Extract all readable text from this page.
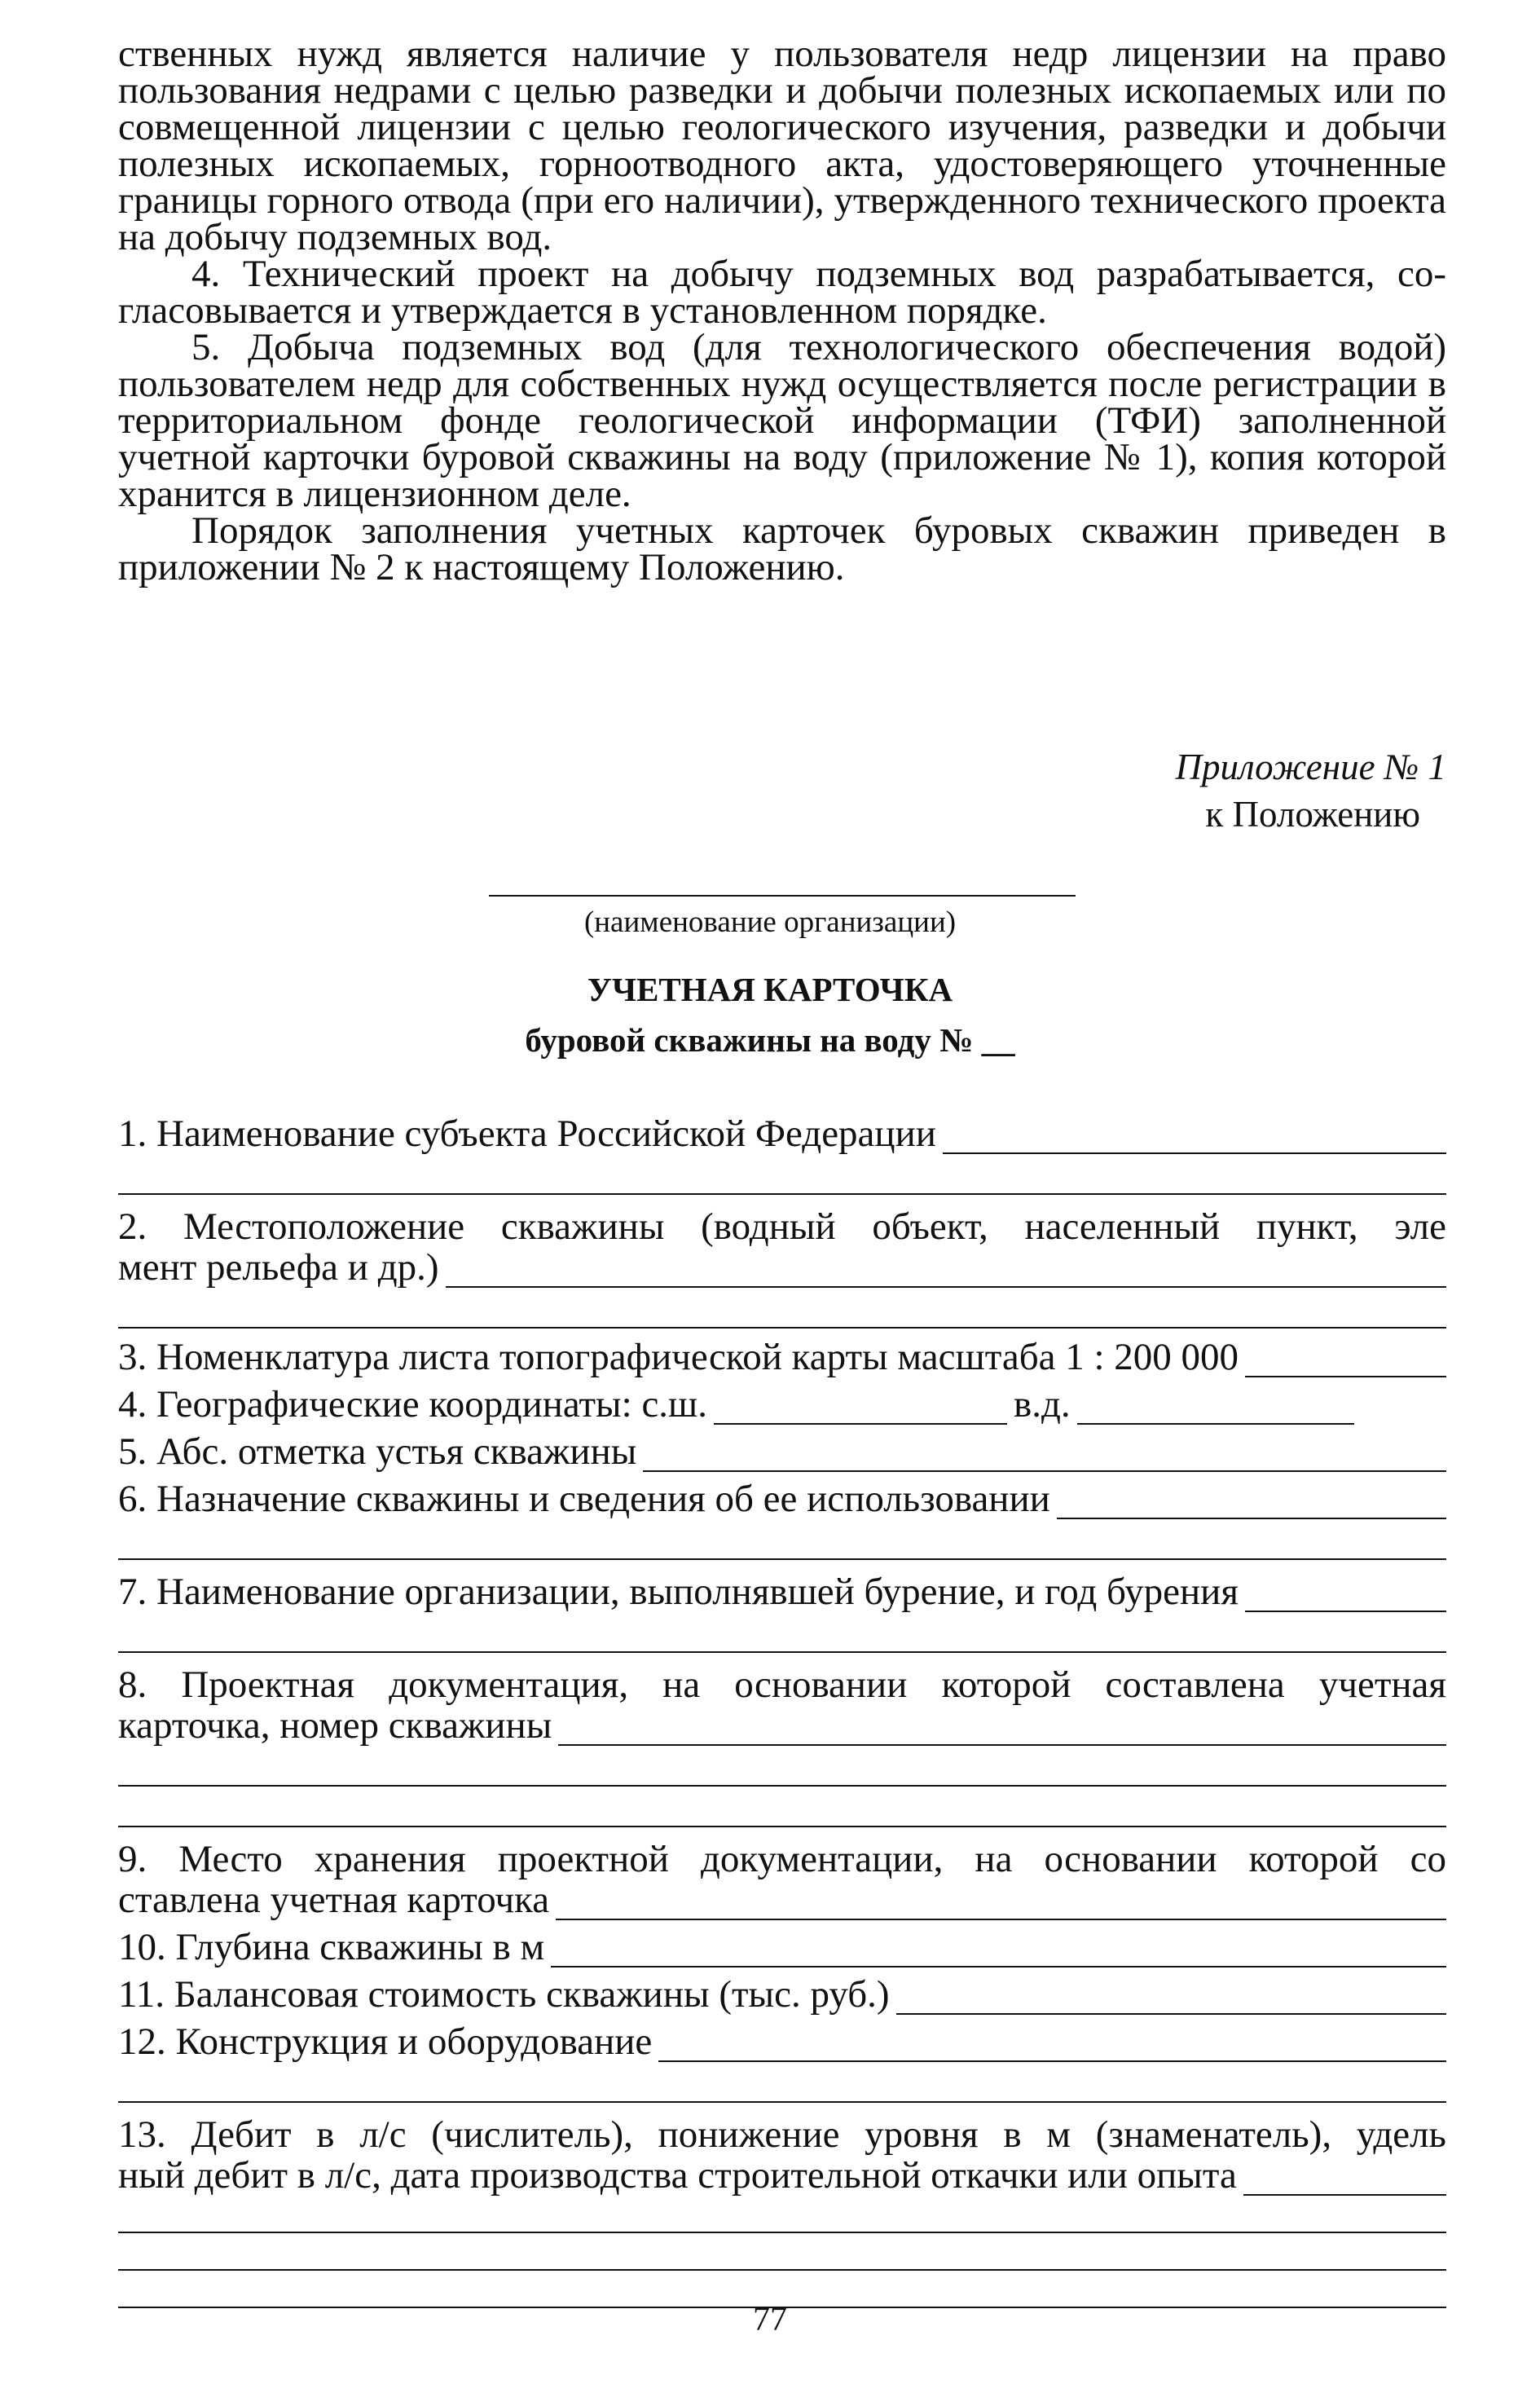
ственных нужд является наличие у пользователя недр лицензии на право пользования недрами с целью разведки и добычи полезных ископаемых или по совмещенной лицензии с целью геологического изучения, разведки и добычи полезных ископаемых, горноотводного акта, удостоверяющего уточненные границы горного отвода (при его наличии), утвержденного технического проекта на добычу подземных вод.

4. Технический проект на добычу подземных вод разрабатывается, согласовывается и утверждается в установленном порядке.

5. Добыча подземных вод (для технологического обеспечения водой) пользователем недр для собственных нужд осуществляется после регистрации в территориальном фонде геологической информации (ТФИ) заполненной учетной карточки буровой скважины на воду (приложение № 1), копия которой хранится в лицензионном деле.

Порядок заполнения учетных карточек буровых скважин приведен в приложении № 2 к настоящему Положению.

Приложение № 1
к Положению
(наименование организации)
УЧЕТНАЯ КАРТОЧКА
буровой скважины на воду № __
1. Наименование субъекта Российской Федерации

2. Местоположение скважины (водный объект, населенный пункт, эле

мент рельефа и др.)
3. Номенклатура листа топографической карты масштаба 1 : 200 000
4. Географические координаты: с.ш.	в.д.
5. Абс. отметка устья скважины
6. Назначение скважины и сведения об ее использовании
7. Наименование организации, выполнявшей бурение, и год бурения

8. Проектная документация, на основании которой составлена учетная

карточка, номер скважины

9. Место хранения проектной документации, на основании которой со

ставлена учетная карточка
10. Глубина скважины в м
11. Балансовая стоимость скважины (тыс. руб.)
12. Конструкция и оборудование

13. Дебит в л/с (числитель), понижение уровня в м (знаменатель), удель

ный дебит в л/с, дата производства строительной откачки или опыта
77
